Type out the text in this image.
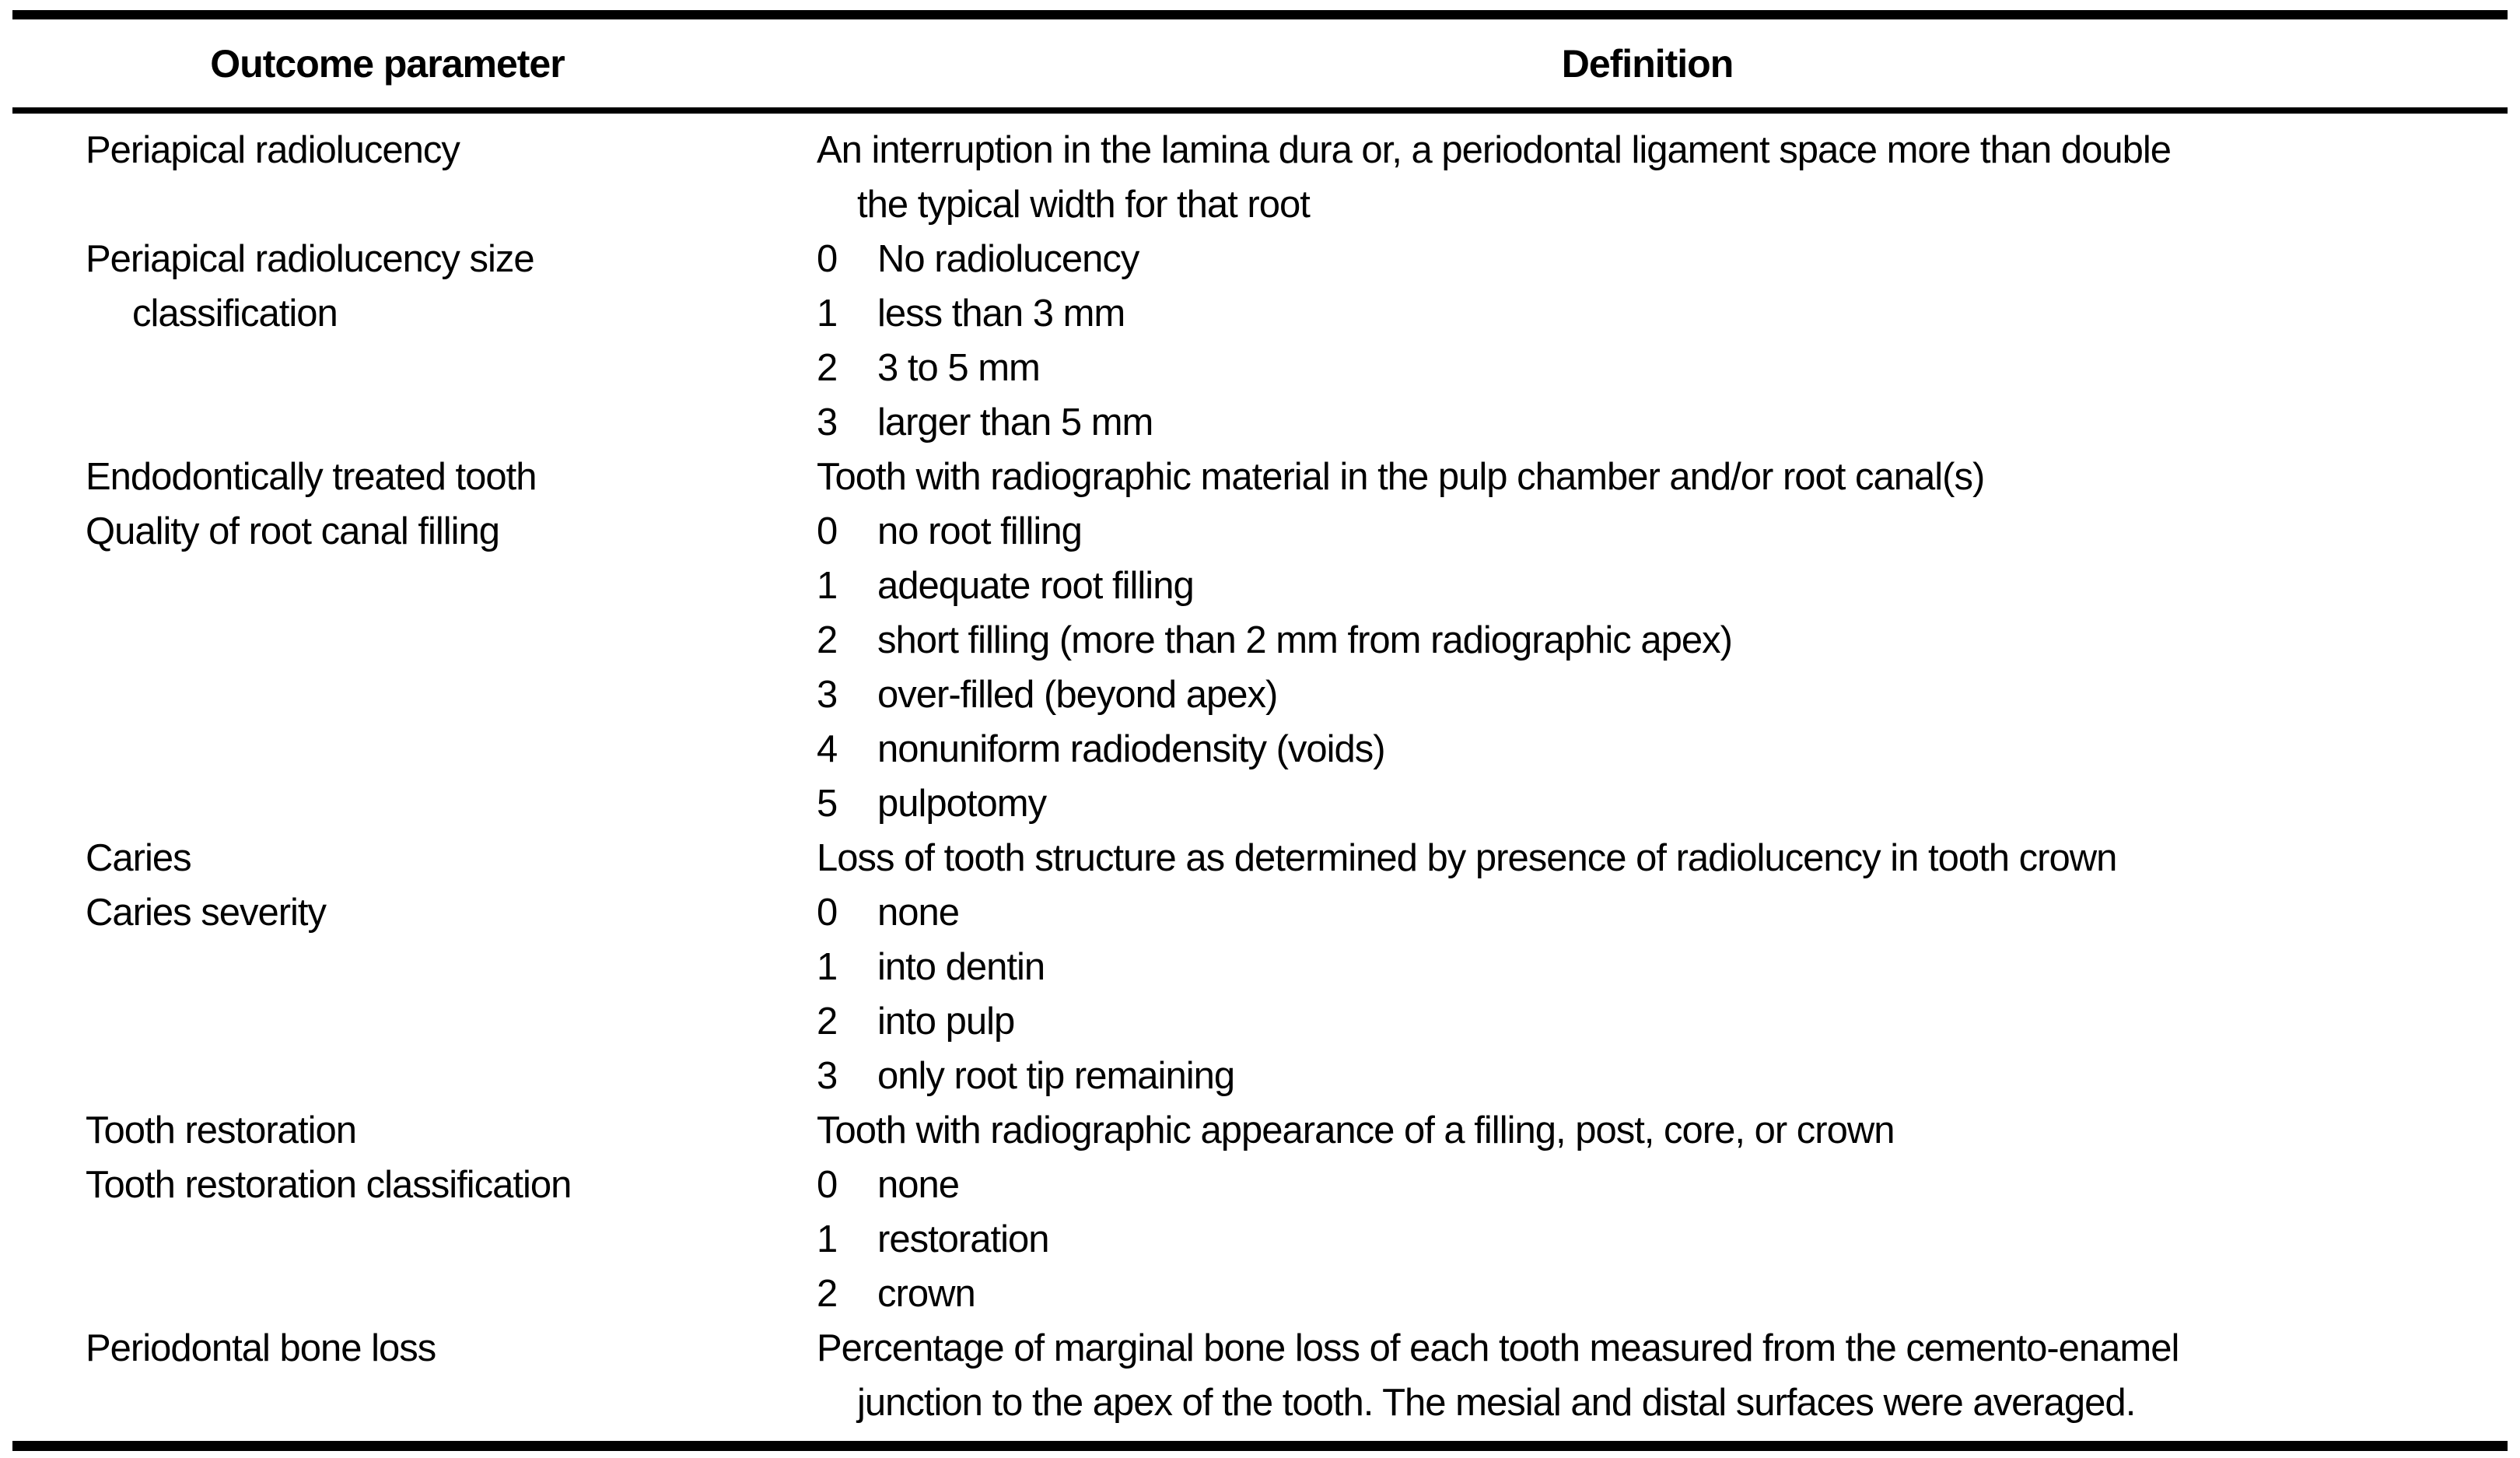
Outcome parameter	Definition
Periapical radiolucency	An interruption in the lamina dura or, a periodontal ligament space more than double
the typical width for that root
Periapical radiolucency size
classification
0	No radiolucency
1	less than 3 mm
2	3 to 5 mm
3	larger than 5 mm
Endodontically treated tooth	Tooth with radiographic material in the pulp chamber and/or root canal(s)
Quality of root canal filling	0	no root filling
1	adequate root filling
2	short filling (more than 2 mm from radiographic apex)
3	over-filled (beyond apex)
4	nonuniform radiodensity (voids)
5	pulpotomy
Caries	Loss of tooth structure as determined by presence of radiolucency in tooth crown
Caries severity	0	none
1	into dentin
2	into pulp
3	only root tip remaining
Tooth restoration	Tooth with radiographic appearance of a filling, post, core, or crown
Tooth restoration classification	0	none
1	restoration
2	crown
Periodontal bone loss	Percentage of marginal bone loss of each tooth measured from the cemento-enamel
junction to the apex of the tooth. The mesial and distal surfaces were averaged.
